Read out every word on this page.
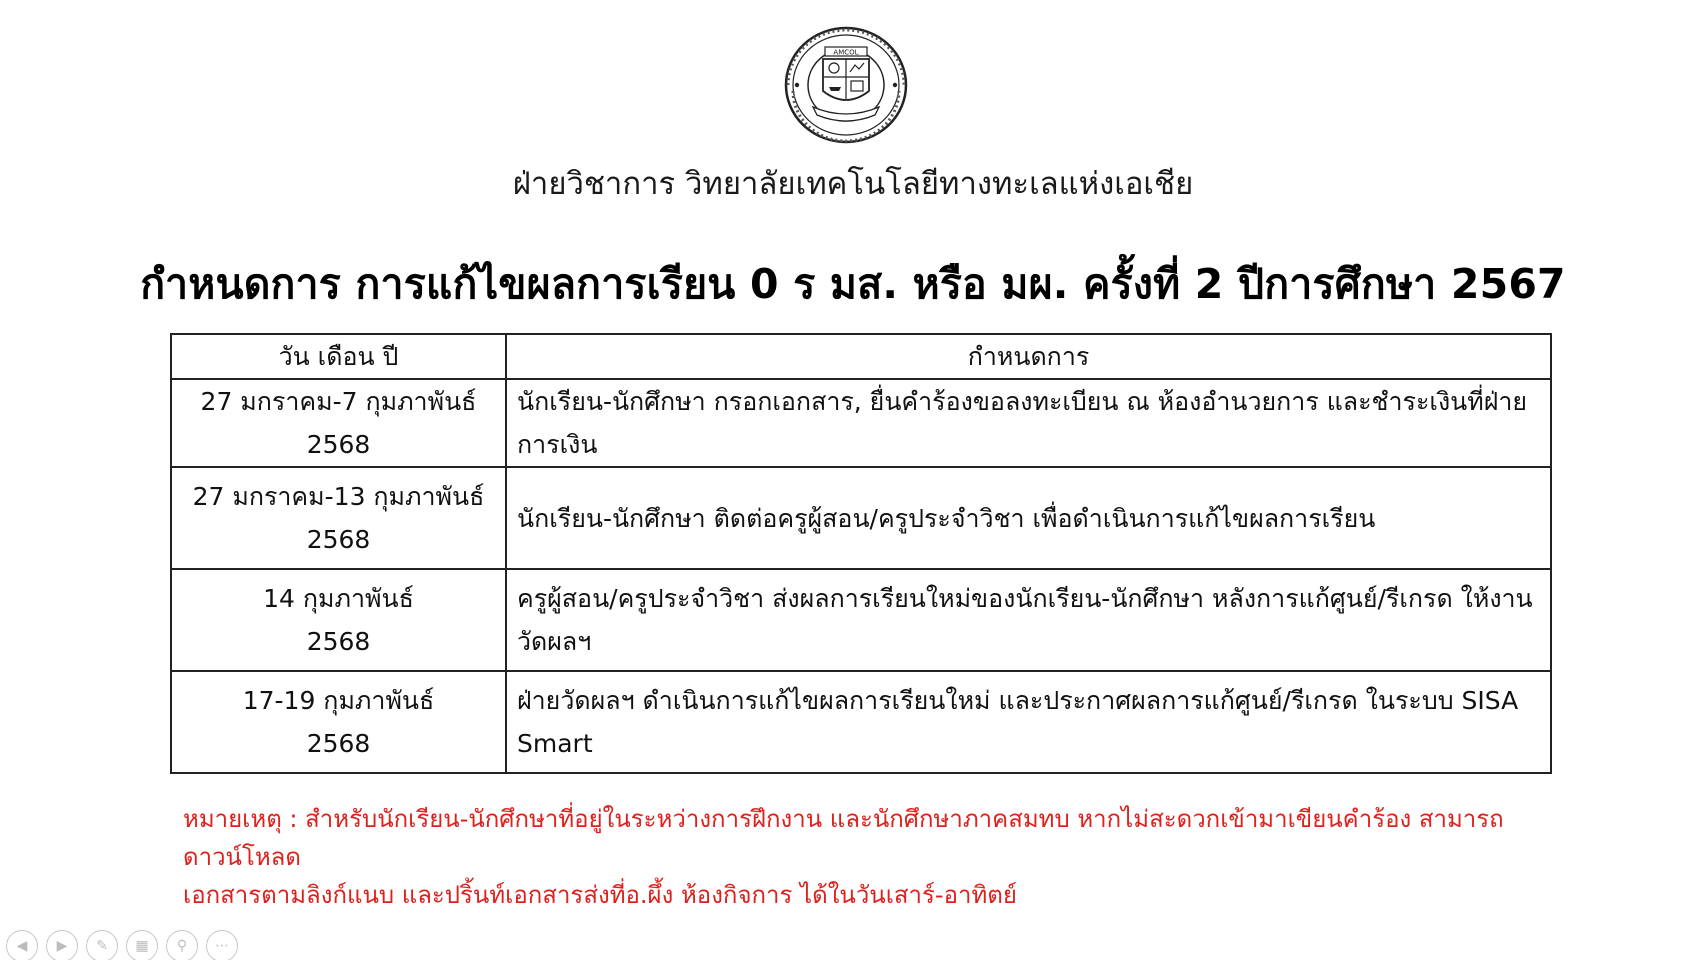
AMCOL
ฝ่ายวิชาการ วิทยาลัยเทคโนโลยีทางทะเลแห่งเอเชีย
กำหนดการ การแก้ไขผลการเรียน 0 ร มส. หรือ มผ. ครั้งที่ 2 ปีการศึกษา 2567
วัน เดือน ปี	กำหนดการ

27 มกราคม-7 กุมภาพันธ์
2568	นักเรียน-นักศึกษา กรอกเอกสาร, ยื่นคำร้องขอลงทะเบียน ณ ห้องอำนวยการ และชำระเงินที่ฝ่ายการเงิน

27 มกราคม-13 กุมภาพันธ์
2568	นักเรียน-นักศึกษา ติดต่อครูผู้สอน/ครูประจำวิชา เพื่อดำเนินการแก้ไขผลการเรียน

14 กุมภาพันธ์
2568	ครูผู้สอน/ครูประจำวิชา ส่งผลการเรียนใหม่ของนักเรียน-นักศึกษา หลังการแก้ศูนย์/รีเกรด ให้งานวัดผลฯ

17-19 กุมภาพันธ์
2568	ฝ่ายวัดผลฯ ดำเนินการแก้ไขผลการเรียนใหม่ และประกาศผลการแก้ศูนย์/รีเกรด ในระบบ SISA Smart
หมายเหตุ : สำหรับนักเรียน-นักศึกษาที่อยู่ในระหว่างการฝึกงาน และนักศึกษาภาคสมทบ หากไม่สะดวกเข้ามาเขียนคำร้อง สามารถดาวน์โหลด
เอกสารตามลิงก์แนบ และปริ้นท์เอกสารส่งที่อ.ผึ้ง ห้องกิจการ ได้ในวันเสาร์-อาทิตย์
◀ ▶ ✎ ▦ ⚲ ⋯
